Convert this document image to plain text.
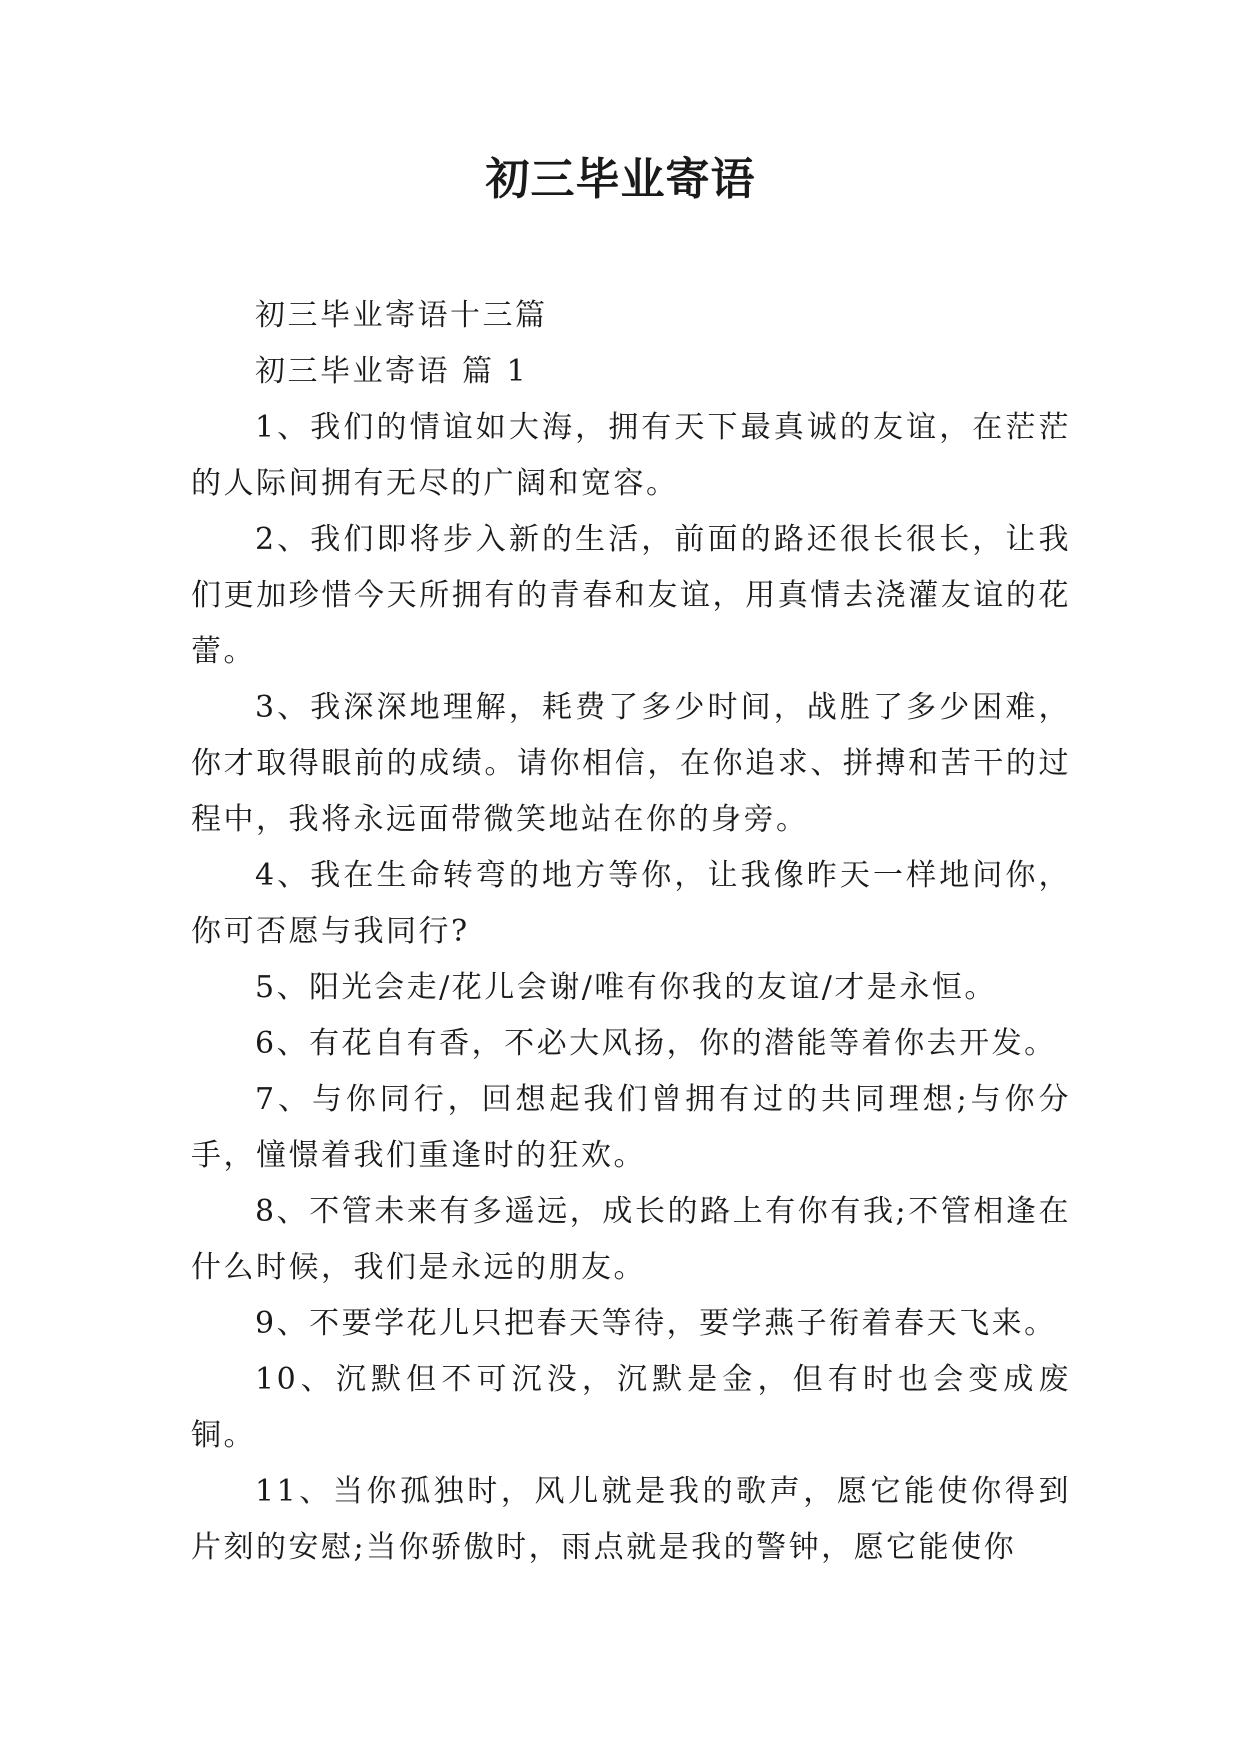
初三毕业寄语

初三毕业寄语十三篇

初三毕业寄语 篇 1

1、我们的情谊如大海，拥有天下最真诚的友谊，在茫茫的人际间拥有无尽的广阔和宽容。

2、我们即将步入新的生活，前面的路还很长很长，让我们更加珍惜今天所拥有的青春和友谊，用真情去浇灌友谊的花蕾。

3、我深深地理解，耗费了多少时间，战胜了多少困难，你才取得眼前的成绩。请你相信，在你追求、拼搏和苦干的过程中，我将永远面带微笑地站在你的身旁。

4、我在生命转弯的地方等你，让我像昨天一样地问你，你可否愿与我同行?

5、阳光会走/花儿会谢/唯有你我的友谊/才是永恒。

6、有花自有香，不必大风扬，你的潜能等着你去开发。

7、与你同行，回想起我们曾拥有过的共同理想;与你分手，憧憬着我们重逢时的狂欢。

8、不管未来有多遥远，成长的路上有你有我;不管相逢在什么时候，我们是永远的朋友。

9、不要学花儿只把春天等待，要学燕子衔着春天飞来。

10、沉默但不可沉没，沉默是金，但有时也会变成废铜。

11、当你孤独时，风儿就是我的歌声，愿它能使你得到片刻的安慰;当你骄傲时，雨点就是我的警钟，愿它能使你
